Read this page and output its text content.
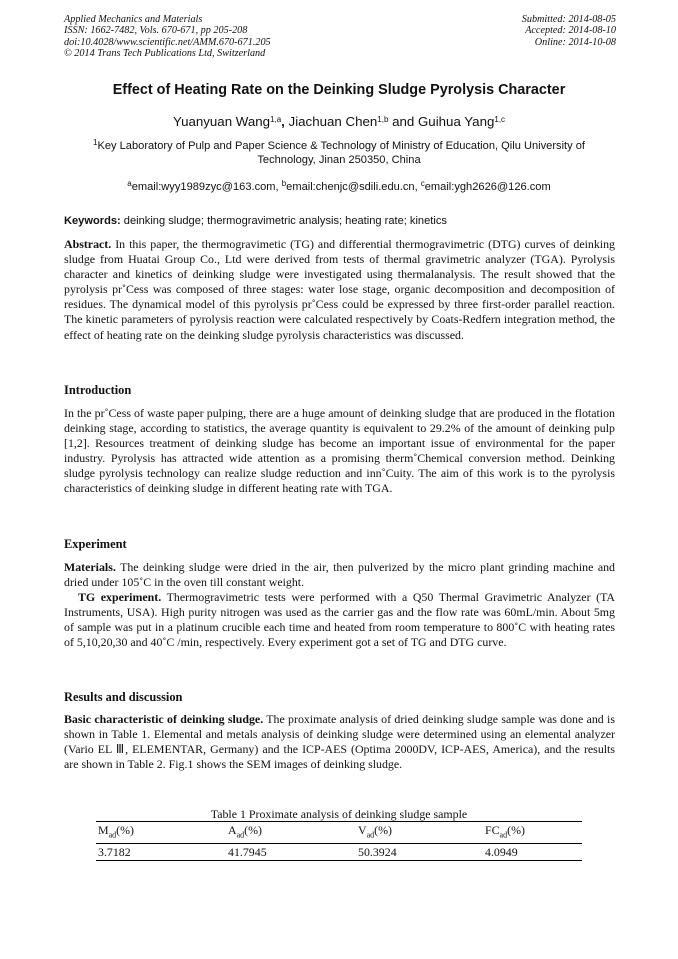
Applied Mechanics and Materials
ISSN: 1662-7482, Vols. 670-671, pp 205-208
doi:10.4028/www.scientific.net/AMM.670-671.205
© 2014 Trans Tech Publications Ltd, Switzerland
Submitted: 2014-08-05
Accepted: 2014-08-10
Online: 2014-10-08
Effect of Heating Rate on the Deinking Sludge Pyrolysis Character
Yuanyuan Wang$^{1,a}$, Jiachuan Chen$^{1,b}$ and Guihua Yang$^{1,c}$
$^1$Key Laboratory of Pulp and Paper Science & Technology of Ministry of Education, Qilu University of Technology, Jinan 250350, China
$^a$email:wyy1989zyc@163.com, $^b$email:chenjc@sdili.edu.cn, $^c$email:ygh2626@126.com
Keywords: deinking sludge; thermogravimetric analysis; heating rate; kinetics

Abstract. In this paper, the thermogravimetic (TG) and differential thermogravimetric (DTG) curves of deinking sludge from Huatai Group Co., Ltd were derived from tests of thermal gravimetric analyzer (TGA). Pyrolysis character and kinetics of deinking sludge were investigated using thermalanalysis. The result showed that the pyrolysis pr˚Cess was composed of three stages: water lose stage, organic decomposition and decomposition of residues. The dynamical model of this pyrolysis pr˚Cess could be expressed by three first-order parallel reaction. The kinetic parameters of pyrolysis reaction were calculated respectively by Coats-Redfern integration method, the effect of heating rate on the deinking sludge pyrolysis characteristics was discussed.

Introduction

In the pr˚Cess of waste paper pulping, there are a huge amount of deinking sludge that are produced in the flotation deinking stage, according to statistics, the average quantity is equivalent to 29.2% of the amount of deinking pulp [1,2]. Resources treatment of deinking sludge has become an important issue of environmental for the paper industry. Pyrolysis has attracted wide attention as a promising therm˚Chemical conversion method. Deinking sludge pyrolysis technology can realize sludge reduction and inn˚Cuity. The aim of this work is to the pyrolysis characteristics of deinking sludge in different heating rate with TGA.

Experiment

Materials. The deinking sludge were dried in the air, then pulverized by the micro plant grinding machine and dried under 105˚C in the oven till constant weight.

TG experiment. Thermogravimetric tests were performed with a Q50 Thermal Gravimetric Analyzer (TA Instruments, USA). High purity nitrogen was used as the carrier gas and the flow rate was 60mL/min. About 5mg of sample was put in a platinum crucible each time and heated from room temperature to 800˚C with heating rates of 5,10,20,30 and 40˚C /min, respectively. Every experiment got a set of TG and DTG curve.

Results and discussion

Basic characteristic of deinking sludge. The proximate analysis of dried deinking sludge sample was done and is shown in Table 1. Elemental and metals analysis of deinking sludge were determined using an elemental analyzer (Vario EL Ⅲ, ELEMENTAR, Germany) and the ICP-AES (Optima 2000DV, ICP-AES, America), and the results are shown in Table 2. Fig.1 shows the SEM images of deinking sludge.

Table 1 Proximate analysis of deinking sludge sample
$M_{ad}(\%)$	$A_{ad}(\%)$	$V_{ad}(\%)$	$FC_{ad}(\%)$
3.7182	41.7945	50.3924	4.0949
